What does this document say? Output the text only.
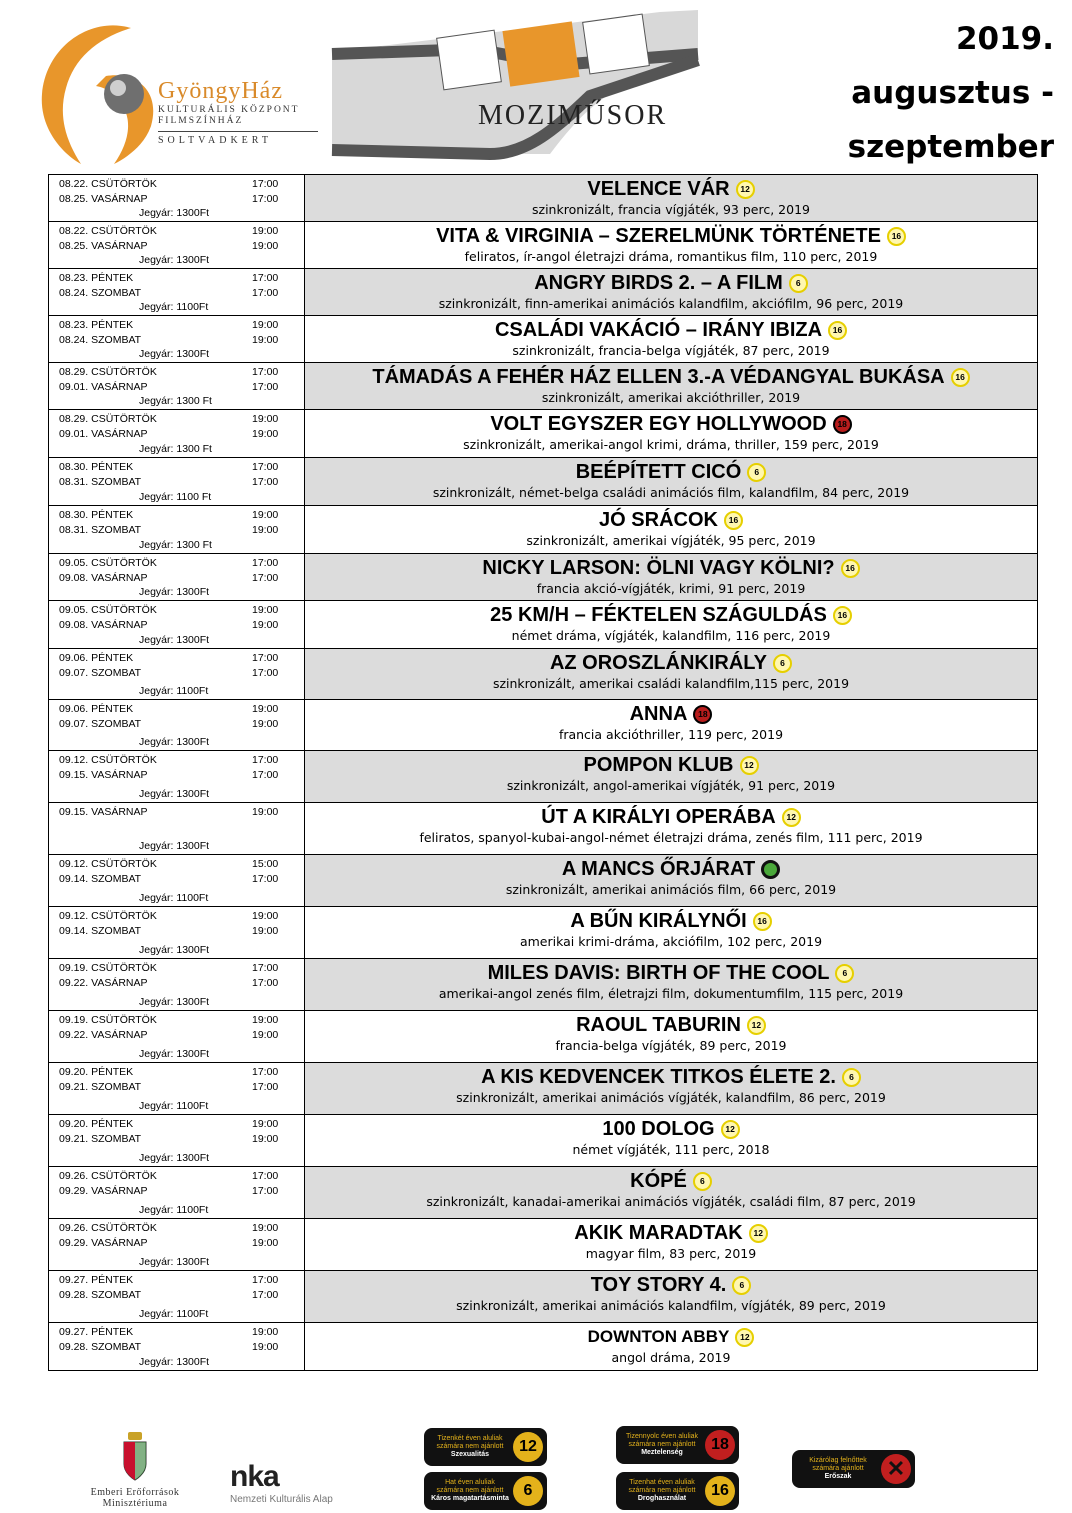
GyöngyHáz
KULTURÁLIS KÖZPONT
FILMSZÍNHÁZ
SOLTVADKERT
MOZIMŰSOR
2019.
augusztus -
szeptember
08.22. CSÜTÖRTÖK	17:00
08.25. VASÁRNAP	17:00
Jegyár: 1300Ft
VELENCE VÁR	12
szinkronizált, francia vígjáték, 93 perc, 2019
08.22. CSÜTÖRTÖK	19:00
08.25. VASÁRNAP	19:00
Jegyár: 1300Ft
VITA & VIRGINIA – SZERELMÜNK TÖRTÉNETE	16
feliratos, ír-angol életrajzi dráma, romantikus film, 110 perc, 2019
08.23. PÉNTEK	17:00
08.24. SZOMBAT	17:00
Jegyár: 1100Ft
ANGRY BIRDS 2. – A FILM	6
szinkronizált, finn-amerikai animációs kalandfilm, akciófilm, 96 perc, 2019
08.23. PÉNTEK	19:00
08.24. SZOMBAT	19:00
Jegyár: 1300Ft
CSALÁDI VAKÁCIÓ – IRÁNY IBIZA	16
szinkronizált, francia-belga vígjáték, 87 perc, 2019
08.29. CSÜTÖRTÖK	17:00
09.01. VASÁRNAP	17:00
Jegyár: 1300 Ft
TÁMADÁS A FEHÉR HÁZ ELLEN 3.-A VÉDANGYAL BUKÁSA	16
szinkronizált, amerikai akcióthriller, 2019
08.29. CSÜTÖRTÖK	19:00
09.01. VASÁRNAP	19:00
Jegyár: 1300 Ft
VOLT EGYSZER EGY HOLLYWOOD	18
szinkronizált, amerikai-angol krimi, dráma, thriller, 159 perc, 2019
08.30. PÉNTEK	17:00
08.31. SZOMBAT	17:00
Jegyár: 1100 Ft
BEÉPÍTETT CICÓ	6
szinkronizált, német-belga családi animációs film, kalandfilm, 84 perc, 2019
08.30. PÉNTEK	19:00
08.31. SZOMBAT	19:00
Jegyár: 1300 Ft
JÓ SRÁCOK	16
szinkronizált, amerikai vígjáték, 95 perc, 2019
09.05. CSÜTÖRTÖK	17:00
09.08. VASÁRNAP	17:00
Jegyár: 1300Ft
NICKY LARSON: ÖLNI VAGY KÖLNI?	16
francia akció-vígjáték, krimi, 91 perc, 2019
09.05. CSÜTÖRTÖK	19:00
09.08. VASÁRNAP	19:00
Jegyár: 1300Ft
25 KM/H – FÉKTELEN SZÁGULDÁS	16
német dráma, vígjáték, kalandfilm, 116 perc, 2019
09.06. PÉNTEK	17:00
09.07. SZOMBAT	17:00
Jegyár: 1100Ft
AZ OROSZLÁNKIRÁLY	6
szinkronizált, amerikai családi kalandfilm,115 perc, 2019
09.06. PÉNTEK	19:00
09.07. SZOMBAT	19:00
Jegyár: 1300Ft
ANNA	18
francia akcióthriller, 119 perc, 2019
09.12. CSÜTÖRTÖK	17:00
09.15. VASÁRNAP	17:00
Jegyár: 1300Ft
POMPON KLUB	12
szinkronizált, angol-amerikai vígjáték, 91 perc, 2019
09.15. VASÁRNAP	19:00
Jegyár: 1300Ft
ÚT A KIRÁLYI OPERÁBA	12
feliratos, spanyol-kubai-angol-német életrajzi dráma, zenés film, 111 perc, 2019
09.12. CSÜTÖRTÖK	15:00
09.14. SZOMBAT	17:00
Jegyár: 1100Ft
A MANCS ŐRJÁRAT
szinkronizált, amerikai animációs film, 66 perc, 2019
09.12. CSÜTÖRTÖK	19:00
09.14. SZOMBAT	19:00
Jegyár: 1300Ft
A BŰN KIRÁLYNŐI	16
amerikai krimi-dráma, akciófilm, 102 perc, 2019
09.19. CSÜTÖRTÖK	17:00
09.22. VASÁRNAP	17:00
Jegyár: 1300Ft
MILES DAVIS: BIRTH OF THE COOL	6
amerikai-angol zenés film, életrajzi film, dokumentumfilm, 115 perc, 2019
09.19. CSÜTÖRTÖK	19:00
09.22. VASÁRNAP	19:00
Jegyár: 1300Ft
RAOUL TABURIN	12
francia-belga vígjáték, 89 perc, 2019
09.20. PÉNTEK	17:00
09.21. SZOMBAT	17:00
Jegyár: 1100Ft
A KIS KEDVENCEK TITKOS ÉLETE 2.	6
szinkronizált, amerikai animációs vígjáték, kalandfilm, 86 perc, 2019
09.20. PÉNTEK	19:00
09.21. SZOMBAT	19:00
Jegyár: 1300Ft
100 DOLOG	12
német vígjáték, 111 perc, 2018
09.26. CSÜTÖRTÖK	17:00
09.29. VASÁRNAP	17:00
Jegyár: 1100Ft
KÓPÉ	6
szinkronizált, kanadai-amerikai animációs vígjáték, családi film, 87 perc, 2019
09.26. CSÜTÖRTÖK	19:00
09.29. VASÁRNAP	19:00
Jegyár: 1300Ft
AKIK MARADTAK	12
magyar film, 83 perc, 2019
09.27. PÉNTEK	17:00
09.28. SZOMBAT	17:00
Jegyár: 1100Ft
TOY STORY 4.	6
szinkronizált, amerikai animációs kalandfilm, vígjáték, 89 perc, 2019
09.27. PÉNTEK	19:00
09.28. SZOMBAT	19:00
Jegyár: 1300Ft
DOWNTON ABBY	12
angol dráma, 2019
Emberi Erőforrások
Minisztériuma
nka
Nemzeti Kulturális Alap
Tizenkét éven aluliak
számára nem ajánlott
Szexualitás	12
Hat éven aluliak
számára nem ajánlott
Káros magatartásminta 6
Tizennyolc éven aluliak
számára nem ajánlott
Meztelenség	18
Tizenhat éven aluliak
számára nem ajánlott
Droghasználat	16
Kizárólag felnőttek
számára ajánlott
Erőszak	✕
